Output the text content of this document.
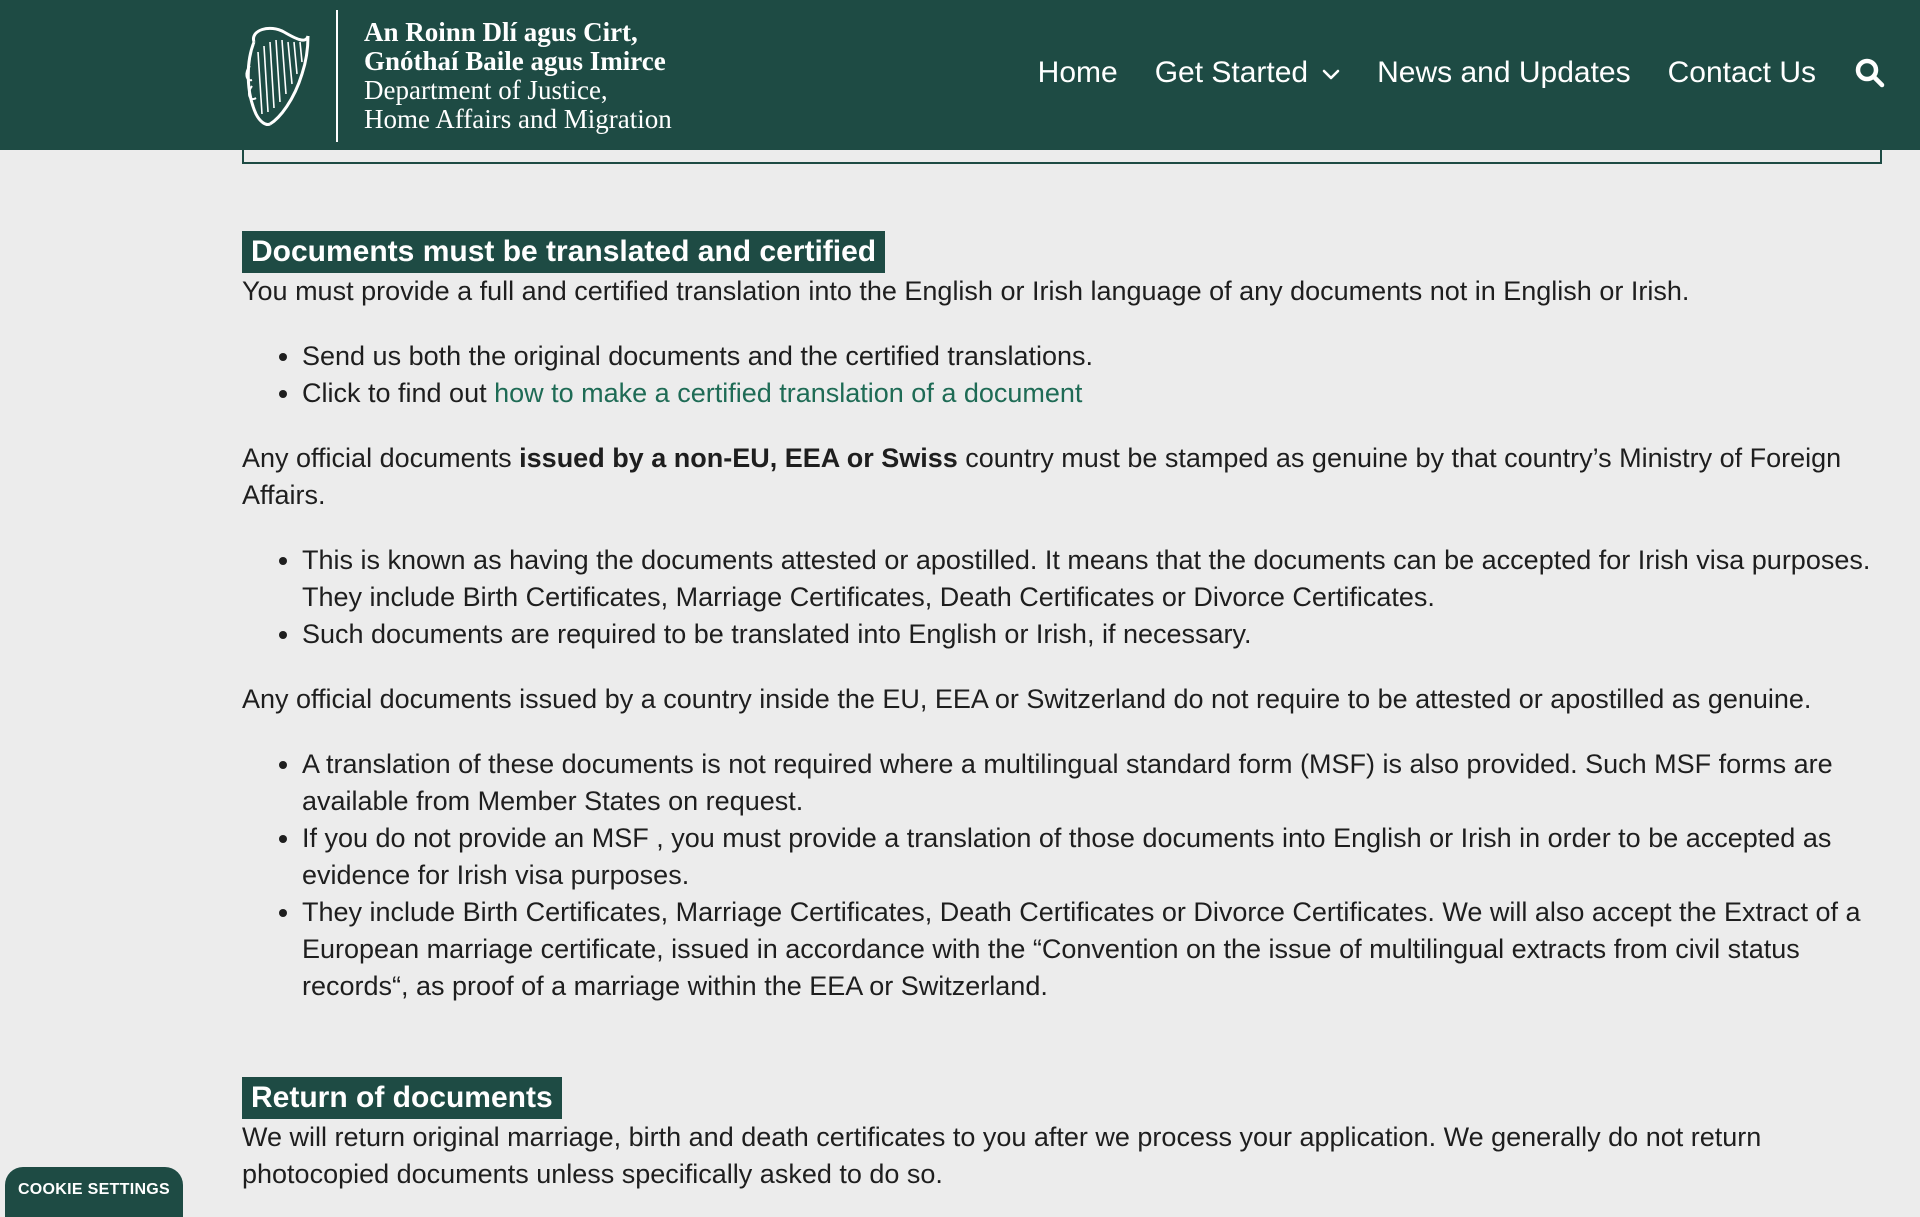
An Roinn Dlí agus Cirt,
Gnóthaí Baile agus Imirce
Department of Justice,
Home Affairs and Migration
Home Get Started News and Updates Contact Us
Documents must be translated and certified

You must provide a full and certified translation into the English or Irish language of any documents not in English or Irish.

• Send us both the original documents and the certified translations.
• Click to find out how to make a certified translation of a document

Any official documents issued by a non-EU, EEA or Swiss country must be stamped as genuine by that country’s Ministry of Foreign Affairs.

• This is known as having the documents attested or apostilled. It means that the documents can be accepted for Irish visa purposes. They include Birth Certificates, Marriage Certificates, Death Certificates or Divorce Certificates.
• Such documents are required to be translated into English or Irish, if necessary.

Any official documents issued by a country inside the EU, EEA or Switzerland do not require to be attested or apostilled as genuine.

• A translation of these documents is not required where a multilingual standard form (MSF) is also provided. Such MSF forms are available from Member States on request.
• If you do not provide an MSF , you must provide a translation of those documents into English or Irish in order to be accepted as evidence for Irish visa purposes.
• They include Birth Certificates, Marriage Certificates, Death Certificates or Divorce Certificates. We will also accept the Extract of a European marriage certificate, issued in accordance with the “Convention on the issue of multilingual extracts from civil status records“, as proof of a marriage within the EEA or Switzerland.
Return of documents

We will return original marriage, birth and death certificates to you after we process your application. We generally do not return photocopied documents unless specifically asked to do so.

COOKIE SETTINGS
